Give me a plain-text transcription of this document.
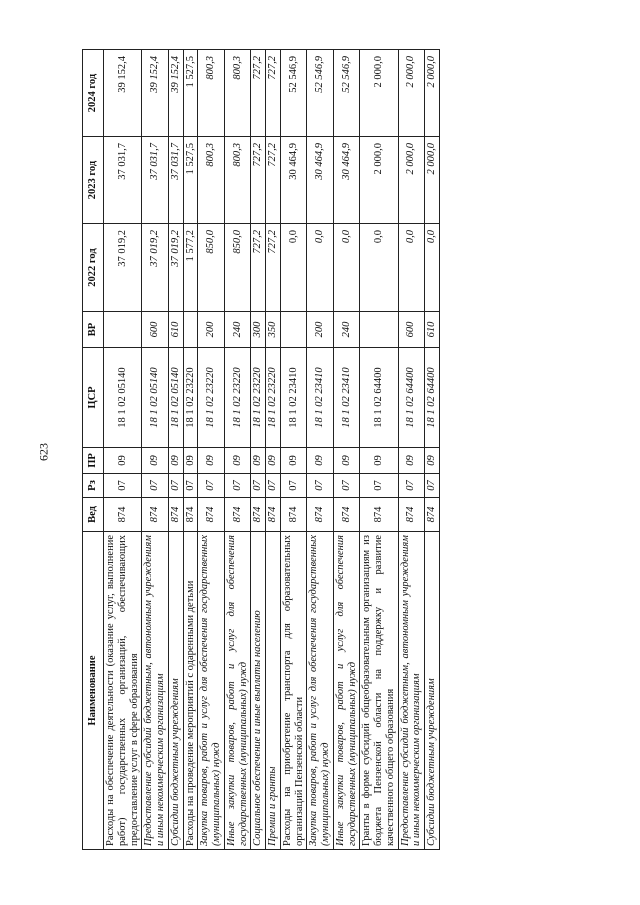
623
Наименование	Вед	Рз	ПР	ЦСР	ВР	2022 год	2023 год	2024 год
Расходы на обеспечение деятельности (оказание услуг, выполнение работ) государственных организаций, обеспечивающих предоставление услуг в сфере образования	874	07	09	18 1 02 05140		37 019,2	37 031,7	39 152,4
Предоставление субсидий бюджетным, автономным учреждениям и иным некоммерческим организациям	874	07	09	18 1 02 05140	600	37 019,2	37 031,7	39 152,4
Субсидии бюджетным учреждениям	874	07	09	18 1 02 05140	610	37 019,2	37 031,7	39 152,4
Расходы на проведение мероприятий с одаренными детьми	874	07	09	18 1 02 23220		1 577,2	1 527,5	1 527,5
Закупка товаров, работ и услуг для обеспечения государственных (муниципальных) нужд	874	07	09	18 1 02 23220	200	850,0	800,3	800,3
Иные закупки товаров, работ и услуг для обеспечения государственных (муниципальных) нужд	874	07	09	18 1 02 23220	240	850,0	800,3	800,3
Социальное обеспечение и иные выплаты населению	874	07	09	18 1 02 23220	300	727,2	727,2	727,2
Премии и гранты	874	07	09	18 1 02 23220	350	727,2	727,2	727,2
Расходы на приобретение транспорта для образовательных организаций Пензенской области	874	07	09	18 1 02 23410		0,0	30 464,9	52 546,9
Закупка товаров, работ и услуг для обеспечения государственных (муниципальных) нужд	874	07	09	18 1 02 23410	200	0,0	30 464,9	52 546,9
Иные закупки товаров, работ и услуг для обеспечения государственных (муниципальных) нужд	874	07	09	18 1 02 23410	240	0,0	30 464,9	52 546,9
Гранты в форме субсидий общеобразовательным организациям из бюджета Пензенской области на поддержку и развитие качественного общего образования	874	07	09	18 1 02 64400		0,0	2 000,0	2 000,0
Предоставление субсидий бюджетным, автономным учреждениям и иным некоммерческим организациям	874	07	09	18 1 02 64400	600	0,0	2 000,0	2 000,0
Субсидии бюджетным учреждениям	874	07	09	18 1 02 64400	610	0,0	2 000,0	2 000,0
